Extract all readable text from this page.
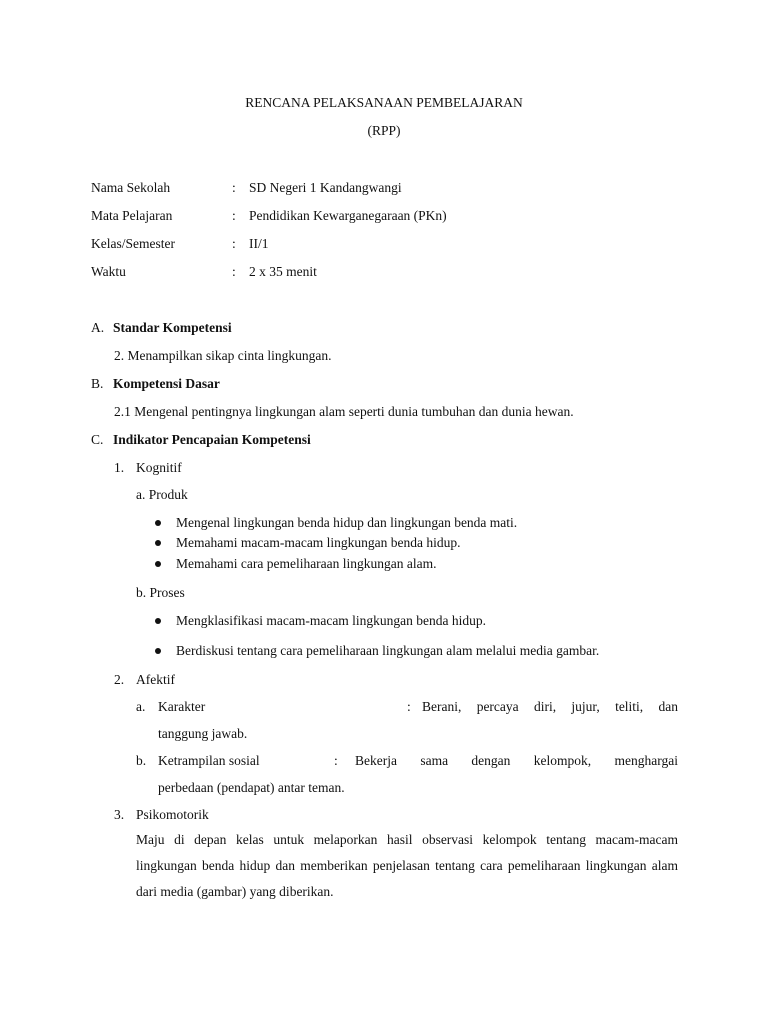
RENCANA PELAKSANAAN PEMBELAJARAN
(RPP)
Nama Sekolah	: SD Negeri 1 Kandangwangi
Mata Pelajaran	: Pendidikan Kewarganegaraan (PKn)
Kelas/Semester	: II/1
Waktu	: 2 x 35 menit
A. Standar Kompetensi
2. Menampilkan sikap cinta lingkungan.
B. Kompetensi Dasar
2.1 Mengenal pentingnya lingkungan alam seperti dunia tumbuhan dan dunia hewan.
C. Indikator Pencapaian Kompetensi
1. Kognitif
a. Produk
Mengenal lingkungan benda hidup dan lingkungan benda mati.
Memahami macam-macam lingkungan benda hidup.
Memahami cara pemeliharaan lingkungan alam.
b. Proses
Mengklasifikasi macam-macam lingkungan benda hidup.
Berdiskusi tentang cara pemeliharaan lingkungan alam melalui media gambar.
2. Afektif
a. Karakter	: Berani, percaya diri, jujur, teliti, dan
tanggung jawab.
b. Ketrampilan sosial	: Bekerja sama dengan kelompok, menghargai
perbedaan (pendapat) antar teman.
3. Psikomotorik
Maju di depan kelas untuk melaporkan hasil observasi kelompok tentang macam-macam lingkungan benda hidup dan memberikan penjelasan tentang cara pemeliharaan lingkungan alam dari media (gambar) yang diberikan.
